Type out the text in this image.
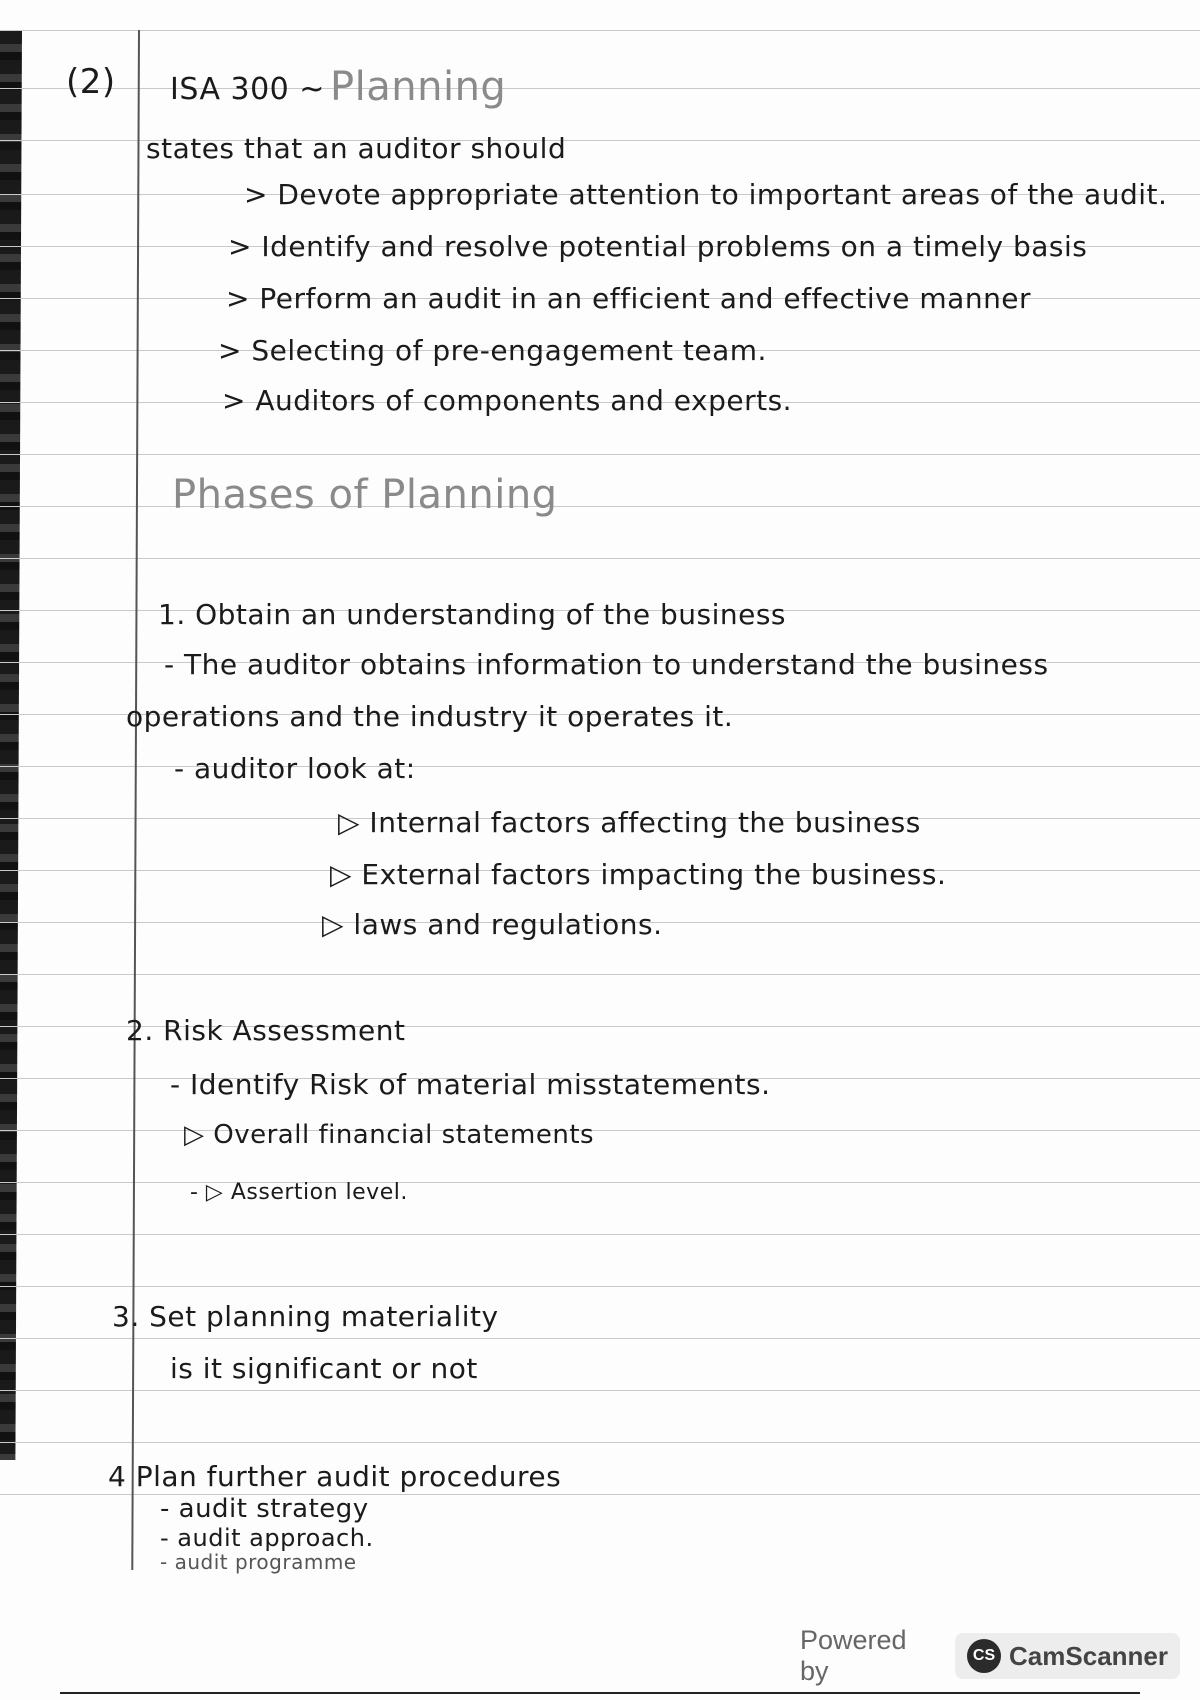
(2) ISA 300 ~ Planning
states that an auditor should
> Devote appropriate attention to important areas of the audit.
> Identify and resolve potential problems on a timely basis
> Perform an audit in an efficient and effective manner
> Selecting of pre-engagement team.
> Auditors of components and experts.
Phases of Planning
1. Obtain an understanding of the business
- The auditor obtains information to understand the business
operations and the industry it operates it.
- auditor look at:
▷ Internal factors affecting the business
▷ External factors impacting the business.
▷ laws and regulations.
2. Risk Assessment
- Identify Risk of material misstatements.
▷ Overall financial statements
- ▷ Assertion level.
3. Set planning materiality
is it significant or not
4 Plan further audit procedures
- audit strategy
- audit approach.
- audit programme
Powered by
CS CamScanner
